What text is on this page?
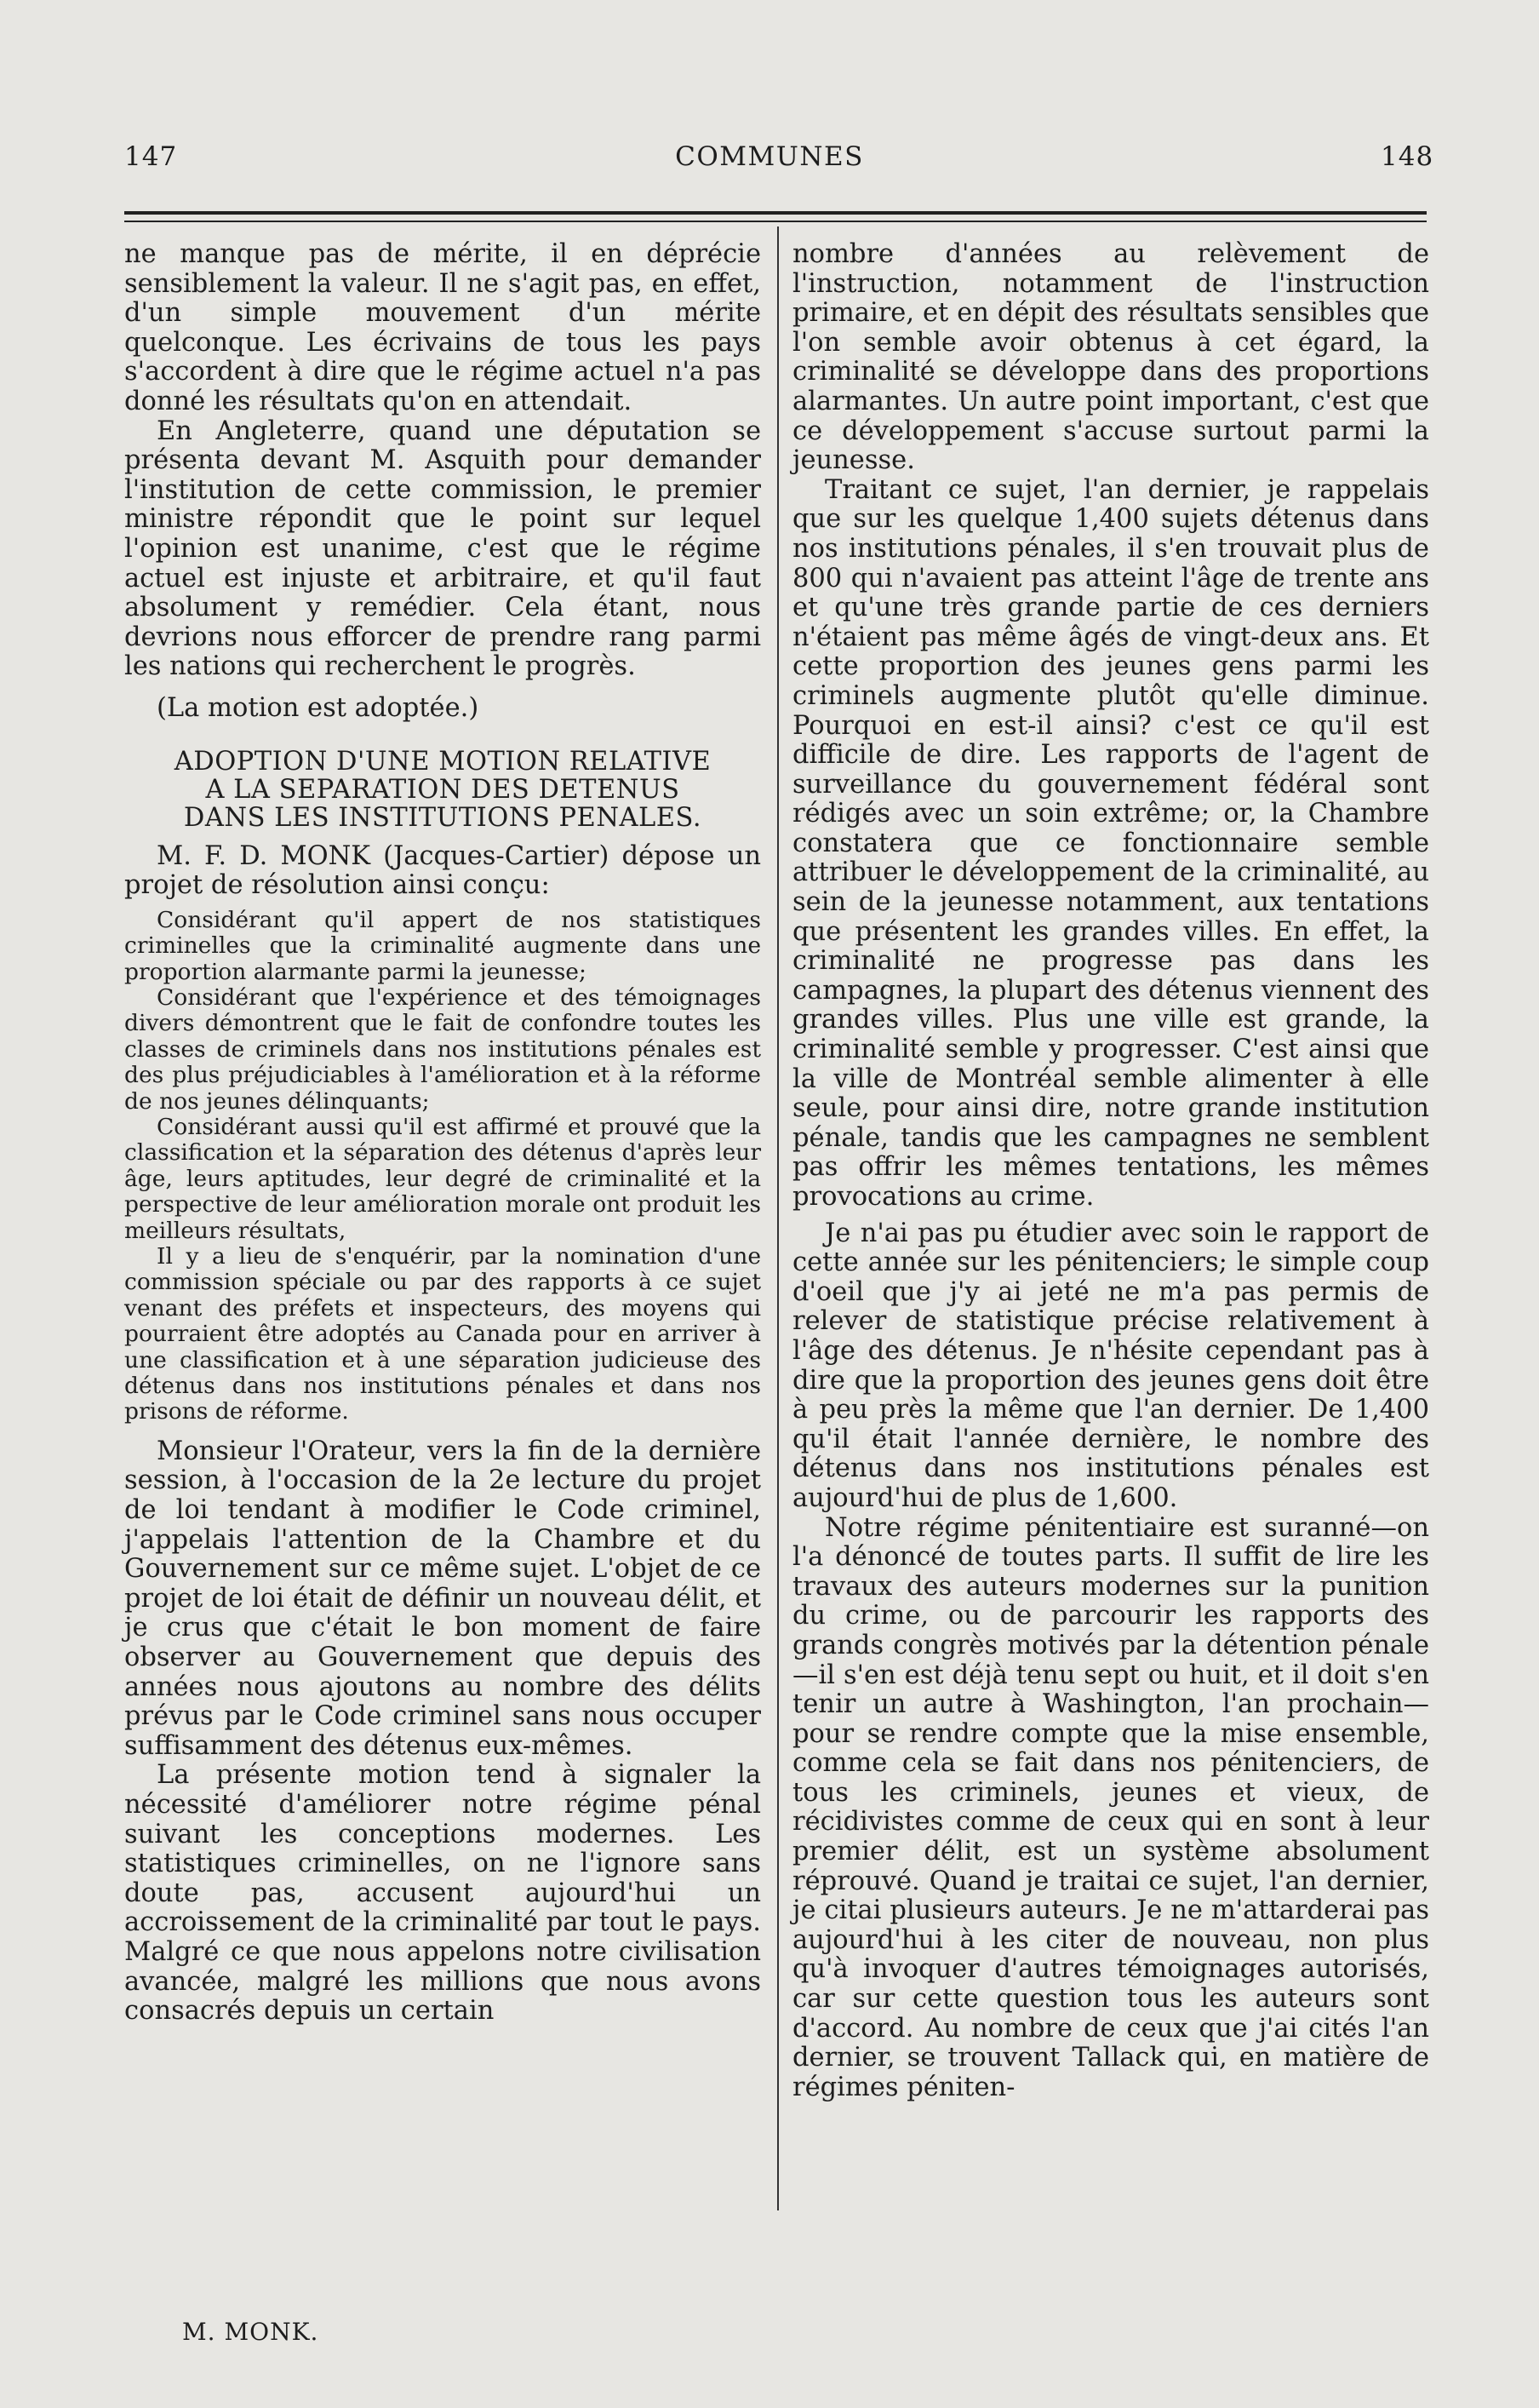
147	COMMUNES	148

ne manque pas de mérite, il en déprécie sensiblement la valeur. Il ne s'agit pas, en effet, d'un simple mouvement d'un mérite quelconque. Les écrivains de tous les pays s'accordent à dire que le régime actuel n'a pas donné les résultats qu'on en attendait.

En Angleterre, quand une députation se présenta devant M. Asquith pour demander l'institution de cette commission, le premier ministre répondit que le point sur lequel l'opinion est unanime, c'est que le régime actuel est injuste et arbitraire, et qu'il faut absolument y remédier. Cela étant, nous devrions nous efforcer de prendre rang parmi les nations qui recherchent le progrès.

(La motion est adoptée.)

ADOPTION D'UNE MOTION RELATIVE
A LA SEPARATION DES DETENUS
DANS LES INSTITUTIONS PENALES.

M. F. D. MONK (Jacques-Cartier) dépose un projet de résolution ainsi conçu:

Considérant qu'il appert de nos statistiques criminelles que la criminalité augmente dans une proportion alarmante parmi la jeunesse;

Considérant que l'expérience et des témoignages divers démontrent que le fait de confondre toutes les classes de criminels dans nos institutions pénales est des plus préjudiciables à l'amélioration et à la réforme de nos jeunes délinquants;

Considérant aussi qu'il est affirmé et prouvé que la classification et la séparation des détenus d'après leur âge, leurs aptitudes, leur degré de criminalité et la perspective de leur amélioration morale ont produit les meilleurs résultats,

Il y a lieu de s'enquérir, par la nomination d'une commission spéciale ou par des rapports à ce sujet venant des préfets et inspecteurs, des moyens qui pourraient être adoptés au Canada pour en arriver à une classification et à une séparation judicieuse des détenus dans nos institutions pénales et dans nos prisons de réforme.

Monsieur l'Orateur, vers la fin de la dernière session, à l'occasion de la 2e lecture du projet de loi tendant à modifier le Code criminel, j'appelais l'attention de la Chambre et du Gouvernement sur ce même sujet. L'objet de ce projet de loi était de définir un nouveau délit, et je crus que c'était le bon moment de faire observer au Gouvernement que depuis des années nous ajoutons au nombre des délits prévus par le Code criminel sans nous occuper suffisamment des détenus eux-mêmes.

La présente motion tend à signaler la nécessité d'améliorer notre régime pénal suivant les conceptions modernes. Les statistiques criminelles, on ne l'ignore sans doute pas, accusent aujourd'hui un accroissement de la criminalité par tout le pays. Malgré ce que nous appelons notre civilisation avancée, malgré les millions que nous avons consacrés depuis un certain

nombre d'années au relèvement de l'instruction, notamment de l'instruction primaire, et en dépit des résultats sensibles que l'on semble avoir obtenus à cet égard, la criminalité se développe dans des proportions alarmantes. Un autre point important, c'est que ce développement s'accuse surtout parmi la jeunesse.

Traitant ce sujet, l'an dernier, je rappelais que sur les quelque 1,400 sujets détenus dans nos institutions pénales, il s'en trouvait plus de 800 qui n'avaient pas atteint l'âge de trente ans et qu'une très grande partie de ces derniers n'étaient pas même âgés de vingt-deux ans. Et cette proportion des jeunes gens parmi les criminels augmente plutôt qu'elle diminue. Pourquoi en est-il ainsi? c'est ce qu'il est difficile de dire. Les rapports de l'agent de surveillance du gouvernement fédéral sont rédigés avec un soin extrême; or, la Chambre constatera que ce fonctionnaire semble attribuer le développement de la criminalité, au sein de la jeunesse notamment, aux tentations que présentent les grandes villes. En effet, la criminalité ne progresse pas dans les campagnes, la plupart des détenus viennent des grandes villes. Plus une ville est grande, la criminalité semble y progresser. C'est ainsi que la ville de Montréal semble alimenter à elle seule, pour ainsi dire, notre grande institution pénale, tandis que les campagnes ne semblent pas offrir les mêmes tentations, les mêmes provocations au crime.

Je n'ai pas pu étudier avec soin le rapport de cette année sur les pénitenciers; le simple coup d'oeil que j'y ai jeté ne m'a pas permis de relever de statistique précise relativement à l'âge des détenus. Je n'hésite cependant pas à dire que la proportion des jeunes gens doit être à peu près la même que l'an dernier. De 1,400 qu'il était l'année dernière, le nombre des détenus dans nos institutions pénales est aujourd'hui de plus de 1,600.

Notre régime pénitentiaire est suranné—on l'a dénoncé de toutes parts. Il suffit de lire les travaux des auteurs modernes sur la punition du crime, ou de parcourir les rapports des grands congrès motivés par la détention pénale—il s'en est déjà tenu sept ou huit, et il doit s'en tenir un autre à Washington, l'an prochain—pour se rendre compte que la mise ensemble, comme cela se fait dans nos pénitenciers, de tous les criminels, jeunes et vieux, de récidivistes comme de ceux qui en sont à leur premier délit, est un système absolument réprouvé. Quand je traitai ce sujet, l'an dernier, je citai plusieurs auteurs. Je ne m'attarderai pas aujourd'hui à les citer de nouveau, non plus qu'à invoquer d'autres témoignages autorisés, car sur cette question tous les auteurs sont d'accord. Au nombre de ceux que j'ai cités l'an dernier, se trouvent Tallack qui, en matière de régimes péniten-

M. MONK.
